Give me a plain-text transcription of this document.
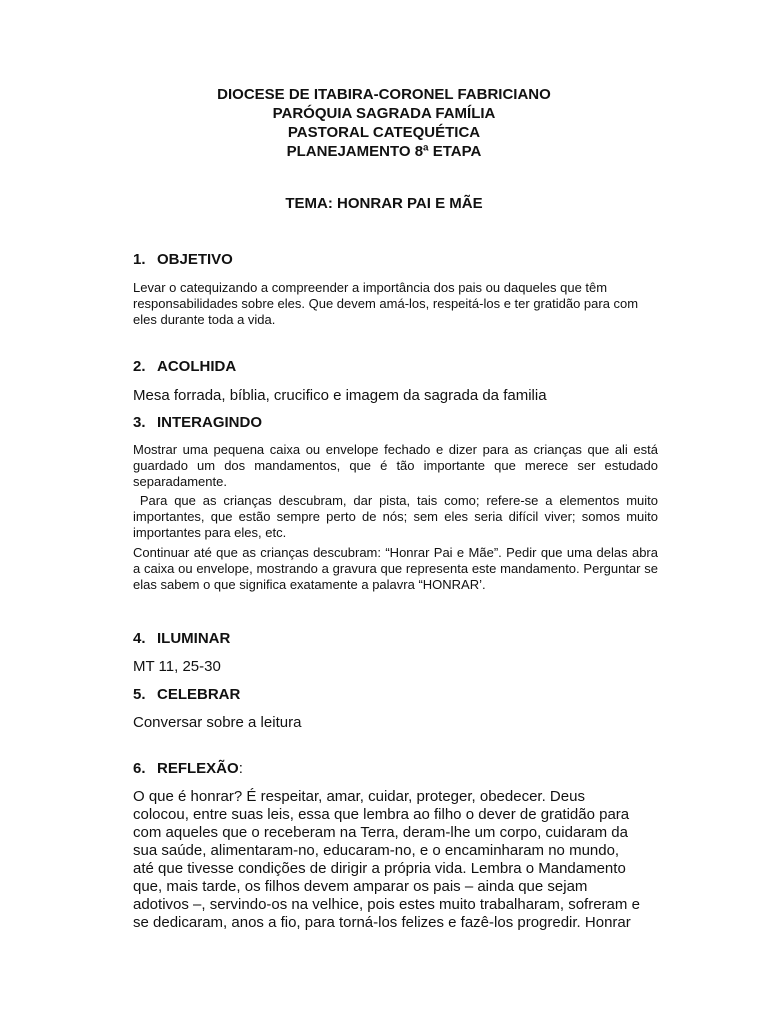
DIOCESE DE ITABIRA-CORONEL FABRICIANO
PARÓQUIA SAGRADA FAMÍLIA
PASTORAL CATEQUÉTICA
PLANEJAMENTO 8ª ETAPA
TEMA: HONRAR PAI E MÃE
1. OBJETIVO
Levar o catequizando a compreender a importância dos pais ou daqueles que têm responsabilidades sobre eles. Que devem amá-los, respeitá-los e ter gratidão para com eles durante toda a vida.
2. ACOLHIDA
Mesa forrada, bíblia, crucifico e imagem da sagrada da familia
3. INTERAGINDO
Mostrar uma pequena caixa ou envelope fechado e dizer para as crianças que ali está guardado um dos mandamentos, que é tão importante que merece ser estudado separadamente.
Para que as crianças descubram, dar pista, tais como; refere-se a elementos muito importantes, que estão sempre perto de nós; sem eles seria difícil viver; somos muito importantes para eles, etc.
Continuar até que as crianças descubram: “Honrar Pai e Mãe”. Pedir que uma delas abra a caixa ou envelope, mostrando a gravura que representa este mandamento. Perguntar se elas sabem o que significa exatamente a palavra “HONRAR’.
4. ILUMINAR
MT 11, 25-30
5. CELEBRAR
Conversar sobre a leitura
6. REFLEXÃO:
O que é honrar? É respeitar, amar, cuidar, proteger, obedecer. Deus
colocou, entre suas leis, essa que lembra ao filho o dever de gratidão para
com aqueles que o receberam na Terra, deram-lhe um corpo, cuidaram da
sua saúde, alimentaram-no, educaram-no, e o encaminharam no mundo,
até que tivesse condições de dirigir a própria vida. Lembra o Mandamento
que, mais tarde, os filhos devem amparar os pais – ainda que sejam
adotivos –, servindo-os na velhice, pois estes muito trabalharam, sofreram e
se dedicaram, anos a fio, para torná-los felizes e fazê-los progredir. Honrar
